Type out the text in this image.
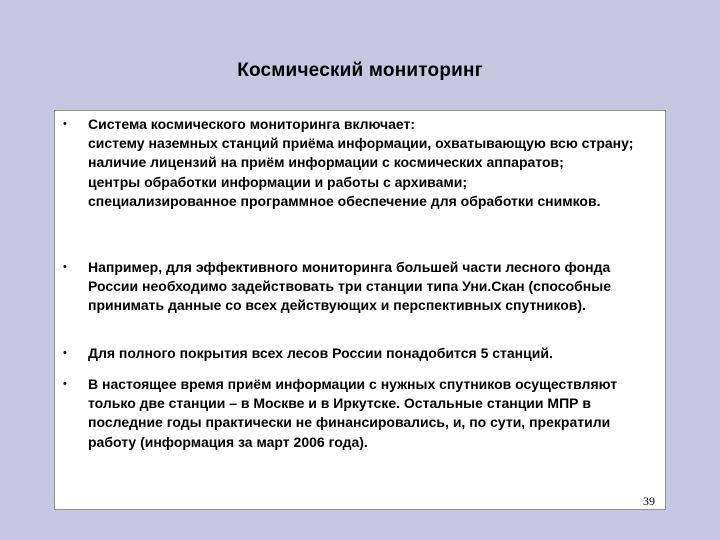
Космический мониторинг
• Система космического мониторинга включает:
систему наземных станций приёма информации, охватывающую всю страну;
наличие лицензий на приём информации с космических аппаратов;
центры обработки информации и работы с архивами;
специализированное программное обеспечение для обработки снимков.
• Например, для эффективного мониторинга большей части лесного фонда России необходимо задействовать три станции типа Уни.Скан (способные принимать данные со всех действующих и перспективных спутников).
• Для полного покрытия всех лесов России понадобится 5 станций.
• В настоящее время приём информации с нужных спутников осуществляют только две станции – в Москве и в Иркутске. Остальные станции МПР в последние годы практически не финансировались, и, по сути, прекратили работу (информация за март 2006 года).
39
